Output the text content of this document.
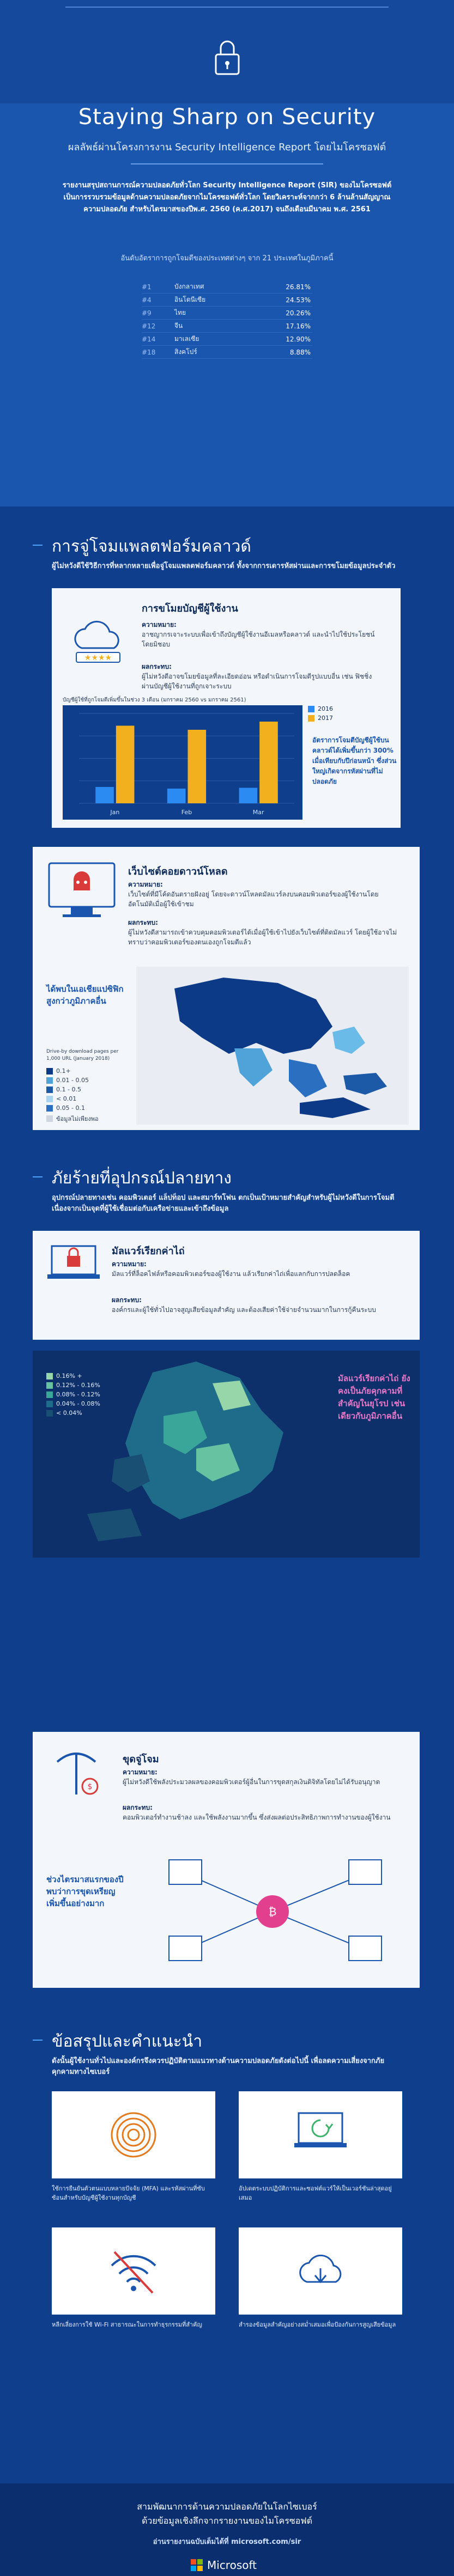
Staying Sharp on Security
ผลลัพธ์ผ่านโครงการงาน Security Intelligence Report โดยไมโครซอฟต์
รายงานสรุปสถานการณ์ความปลอดภัยทั่วโลก Security Intelligence Report (SIR) ของไมโครซอฟต์ เป็นการรวบรวมข้อมูลด้านความปลอดภัยจากไมโครซอฟต์ทั่วโลก โดยวิเคราะห์จากกว่า 6 ล้านล้านสัญญาณความปลอดภัย สำหรับไตรมาสของปีพ.ศ. 2560 (ค.ศ.2017) จนถึงเดือนมีนาคม พ.ศ. 2561
อันดับอัตราการถูกโจมตีของประเทศต่างๆ จาก 21 ประเทศในภูมิภาคนี้
#1	บังกลาเทศ	26.81%
#4	อินโดนีเซีย	24.53%
#9	ไทย	20.26%
#12	จีน	17.16%
#14	มาเลเซีย	12.90%
#18	สิงคโปร์	8.88%
การจู่โจมแพลตฟอร์มคลาวด์
ผู้ไม่หวังดีใช้วิธีการที่หลากหลายเพื่อจู่โจมแพลตฟอร์มคลาวด์ ทั้งจากการเดารหัสผ่านและการขโมยข้อมูลประจำตัว
การขโมยบัญชีผู้ใช้งาน
★★★★
ความหมาย:
อาชญากรเจาะระบบเพื่อเข้าถึงบัญชีผู้ใช้งานอีเมลหรือคลาวด์ และนำไปใช้ประโยชน์โดยมิชอบ
ผลกระทบ:
ผู้ไม่หวังดีอาจขโมยข้อมูลที่ละเอียดอ่อน หรือดำเนินการโจมตีรูปแบบอื่น เช่น ฟิชชิ่ง ผ่านบัญชีผู้ใช้งานที่ถูกเจาะระบบ
บัญชีผู้ใช้ที่ถูกโจมตีเพิ่มขึ้นในช่วง 3 เดือน (มกราคม 2560 vs มกราคม 2561)
Jan	Feb	Mar
2016
2017
อัตราการโจมตีบัญชีผู้ใช้บนคลาวด์ได้เพิ่มขึ้นกว่า 300% เมื่อเทียบกับปีก่อนหน้า ซึ่งส่วนใหญ่เกิดจากรหัสผ่านที่ไม่ปลอดภัย
เว็บไซต์คอยดาวน์โหลด
ความหมาย:
เว็บไซต์ที่มีโค้ดอันตรายฝังอยู่ โดยจะดาวน์โหลดมัลแวร์ลงบนคอมพิวเตอร์ของผู้ใช้งานโดยอัตโนมัติเมื่อผู้ใช้เข้าชม
ผลกระทบ:
ผู้ไม่หวังดีสามารถเข้าควบคุมคอมพิวเตอร์ได้เมื่อผู้ใช้เข้าไปยังเว็บไซต์ที่ติดมัลแวร์ โดยผู้ใช้อาจไม่ทราบว่าคอมพิวเตอร์ของตนเองถูกโจมตีแล้ว
ได้พบในเอเชียแปซิฟิกสูงกว่าภูมิภาคอื่น
Drive-by download pages per 1,000 URL (January 2018)
0.1+
0.01 - 0.05
0.1 - 0.5
< 0.01
0.05 - 0.1
ข้อมูลไม่เพียงพอ
ภัยร้ายที่อุปกรณ์ปลายทาง
อุปกรณ์ปลายทางเช่น คอมพิวเตอร์ แล็ปท็อป และสมาร์ทโฟน ตกเป็นเป้าหมายสำคัญสำหรับผู้ไม่หวังดีในการโจมตี เนื่องจากเป็นจุดที่ผู้ใช้เชื่อมต่อกับเครือข่ายและเข้าถึงข้อมูล
มัลแวร์เรียกค่าไถ่
ความหมาย:
มัลแวร์ที่ล็อคไฟล์หรือคอมพิวเตอร์ของผู้ใช้งาน แล้วเรียกค่าไถ่เพื่อแลกกับการปลดล็อค
ผลกระทบ:
องค์กรและผู้ใช้ทั่วไปอาจสูญเสียข้อมูลสำคัญ และต้องเสียค่าใช้จ่ายจำนวนมากในการกู้คืนระบบ
0.16% +
0.12% - 0.16%
0.08% - 0.12%
0.04% - 0.08%
< 0.04%
มัลแวร์เรียกค่าไถ่ ยังคงเป็นภัยคุกคามที่สำคัญในยุโรป เช่นเดียวกับภูมิภาคอื่น
$
ขุดจู่โจม
ความหมาย:
ผู้ไม่หวังดีใช้พลังประมวลผลของคอมพิวเตอร์ผู้อื่นในการขุดสกุลเงินดิจิทัลโดยไม่ได้รับอนุญาต
ผลกระทบ:
คอมพิวเตอร์ทำงานช้าลง และใช้พลังงานมากขึ้น ซึ่งส่งผลต่อประสิทธิภาพการทำงานของผู้ใช้งาน
ช่วงไตรมาสแรกของปี พบว่าการขุดเหรียญเพิ่มขึ้นอย่างมาก
₿
ข้อสรุปและคำแนะนำ
ดังนั้นผู้ใช้งานทั่วไปและองค์กรจึงควรปฏิบัติตามแนวทางด้านความปลอดภัยดังต่อไปนี้ เพื่อลดความเสี่ยงจากภัยคุกคามทางไซเบอร์
ใช้การยืนยันตัวตนแบบหลายปัจจัย (MFA) และรหัสผ่านที่ซับซ้อนสำหรับบัญชีผู้ใช้งานทุกบัญชี
อัปเดตระบบปฏิบัติการและซอฟต์แวร์ให้เป็นเวอร์ชันล่าสุดอยู่เสมอ
หลีกเลี่ยงการใช้ Wi-Fi สาธารณะในการทำธุรกรรมที่สำคัญ	สำรองข้อมูลสำคัญอย่างสม่ำเสมอเพื่อป้องกันการสูญเสียข้อมูล
สามพัฒนาการด้านความปลอดภัยในโลกไซเบอร์
ด้วยข้อมูลเชิงลึกจากรายงานของไมโครซอฟต์
อ่านรายงานฉบับเต็มได้ที่ microsoft.com/sir
Microsoft
